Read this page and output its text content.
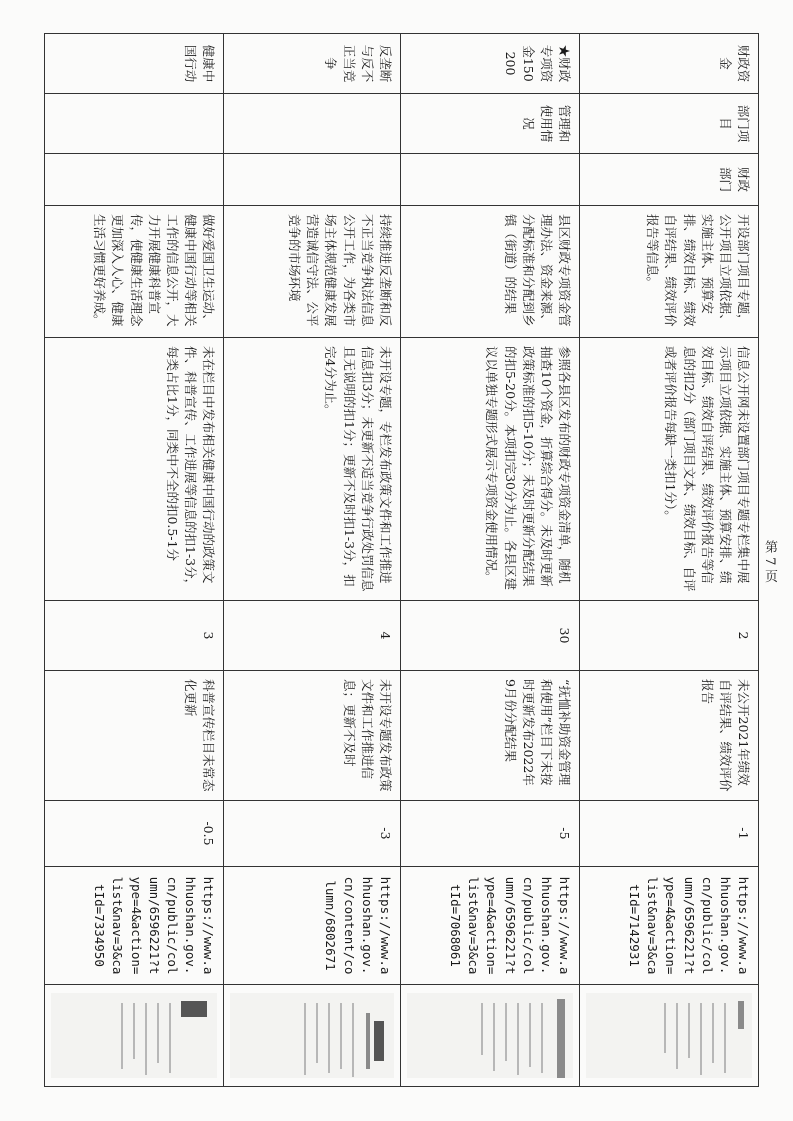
财政资金	部门项目	财政部门	开设部门项目专题，公开项目立项依据、实施主体、预算安排、绩效目标、绩效自评结果、绩效评价报告等信息。	信息公开网未设置部门项目专题专栏集中展示项目立项依据、实施主体、预算安排、绩效目标、绩效自评结果、绩效评价报告等信息的扣2分（部门项目文本、绩效目标、自评或者评价报告每缺一类扣1分）。	2	未公开2021年绩效自评结果、绩效评价报告	-1	https://www.ahhuoshan.gov.cn/public/column/6596221?type=4&action=list&nav=3&catId=7142931	

★财政专项资金150200	管理和使用情况		县区财政专项资金管理办法、资金来源、分配标准和分配到乡镇（街道）的结果	参照各县区发布的财政专项资金清单，随机抽查10个资金，折算综合得分。未及时更新政策标准的扣5-10分；未及时更新分配结果的扣5-20分。本项扣完30分为止。各县区建议以单独专题形式展示专项资金使用情况。	30	“抚恤补助资金管理和使用”栏目下未按时更新发布2022年9月份分配结果	-5	https://www.ahhuoshan.gov.cn/public/column/6596221?type=4&action=list&nav=3&catId=7068061	

反垄断与反不正当竞争			持续推进反垄断和反不正当竞争执法信息公开工作，为各类市场主体规范健康发展营造诚信守法、公平竞争的市场环境	未开设专题，专栏发布政策文件和工作推进信息扣3分；未更新不适当竞争行政处罚信息且无说明的扣1分；更新不及时扣1-3分，扣完4分为止。	4	未开设专题发布政策文件和工作推进信息；更新不及时	-3	https://www.ahhuoshan.gov.cn/content/column/6802671	

健康中国行动			做好爱国卫生运动、健康中国行动等相关工作的信息公开，大力开展健康科普宣传，使健康生活理念更加深入人心、健康生活习惯更好养成。	未在栏目中发布相关健康中国行动的政策文件、科普宣传、工作进展等信息的扣1-3分，每类占比1分，同类中不全的扣0.5-1分	3	科普宣传栏目未常态化更新	-0.5	https://www.ahhuoshan.gov.cn/public/column/6596221?type=4&action=list&nav=3&catId=7334950	
第 7 页
